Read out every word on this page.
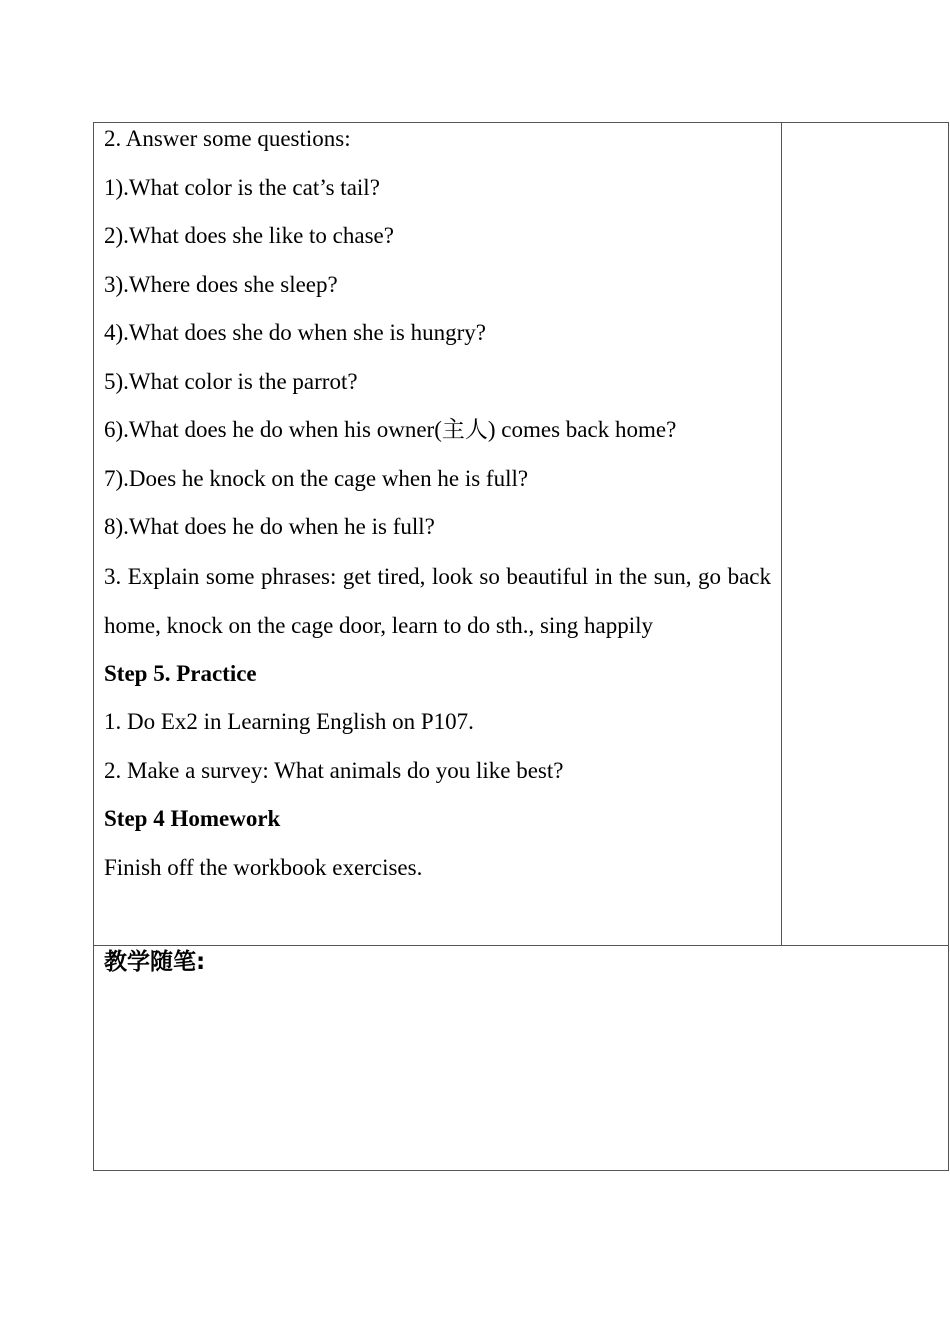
2. Answer some questions:
1).What color is the cat’s tail?
2).What does she like to chase?
3).Where does she sleep?
4).What does she do when she is hungry?
5).What color is the parrot?
6).What does he do when his owner(主人) comes back home?
7).Does he knock on the cage when he is full?
8).What does he do when he is full?
3. Explain some phrases: get tired, look so beautiful in the sun, go back home, knock on the cage door, learn to do sth., sing happily
Step 5. Practice
1. Do Ex2 in Learning English on P107.
2. Make a survey: What animals do you like best?
Step 4 Homework
Finish off the workbook exercises.
教学随笔:
